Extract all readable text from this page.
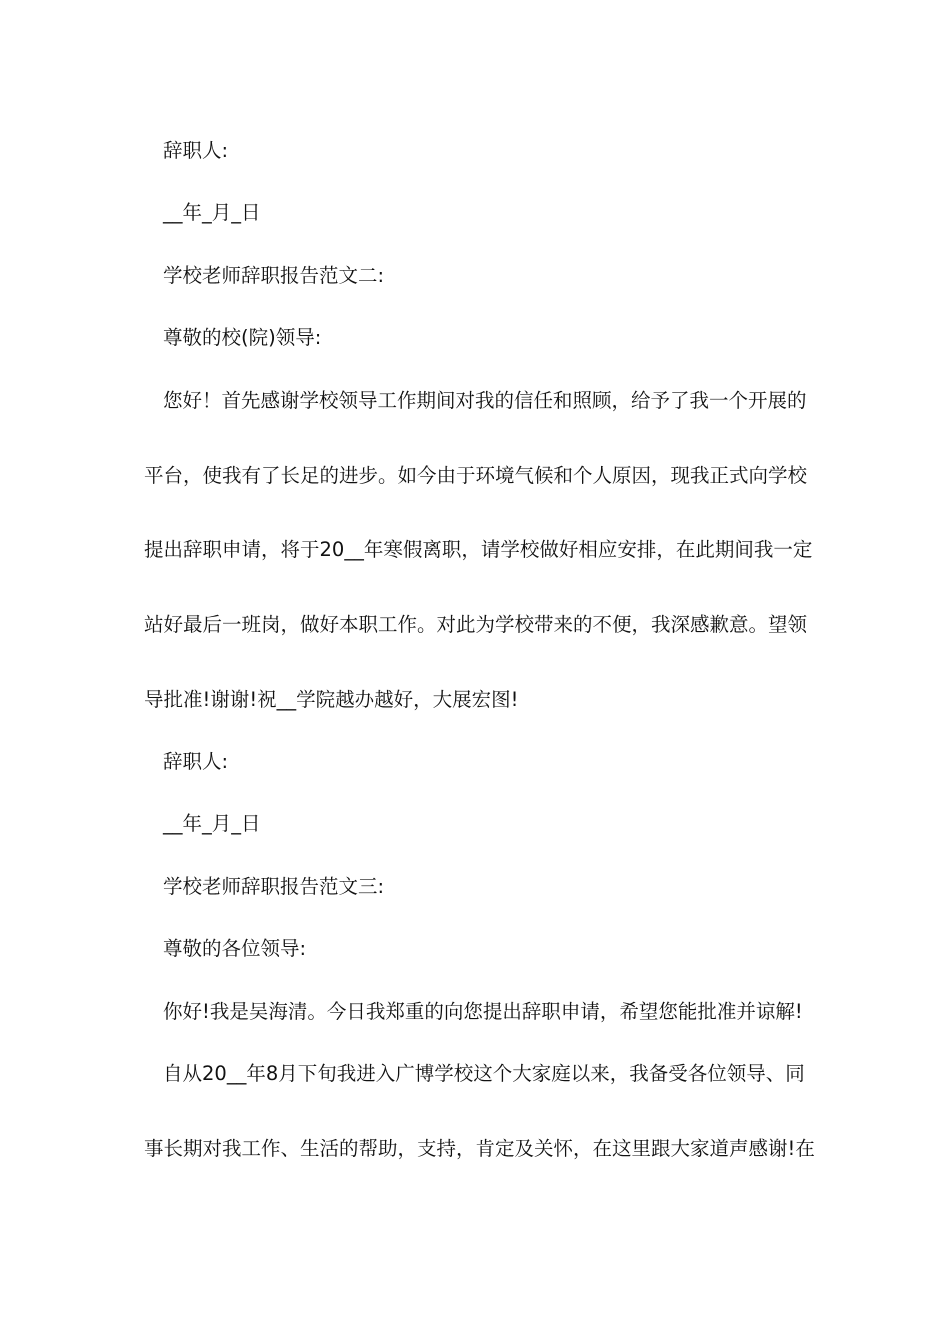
辞职人:
__年_月_日
学校老师辞职报告范文二:
尊敬的校(院)领导:
您好！首先感谢学校领导工作期间对我的信任和照顾，给予了我一个开展的
平台，使我有了长足的进步。如今由于环境气候和个人原因，现我正式向学校
提出辞职申请，将于20__年寒假离职，请学校做好相应安排，在此期间我一定
站好最后一班岗，做好本职工作。对此为学校带来的不便，我深感歉意。望领
导批准!谢谢!祝__学院越办越好，大展宏图!
辞职人:
__年_月_日
学校老师辞职报告范文三:
尊敬的各位领导:
你好!我是吴海清。今日我郑重的向您提出辞职申请，希望您能批准并谅解!
自从20__年8月下旬我进入广博学校这个大家庭以来，我备受各位领导、同
事长期对我工作、生活的帮助，支持，肯定及关怀，在这里跟大家道声感谢!在
